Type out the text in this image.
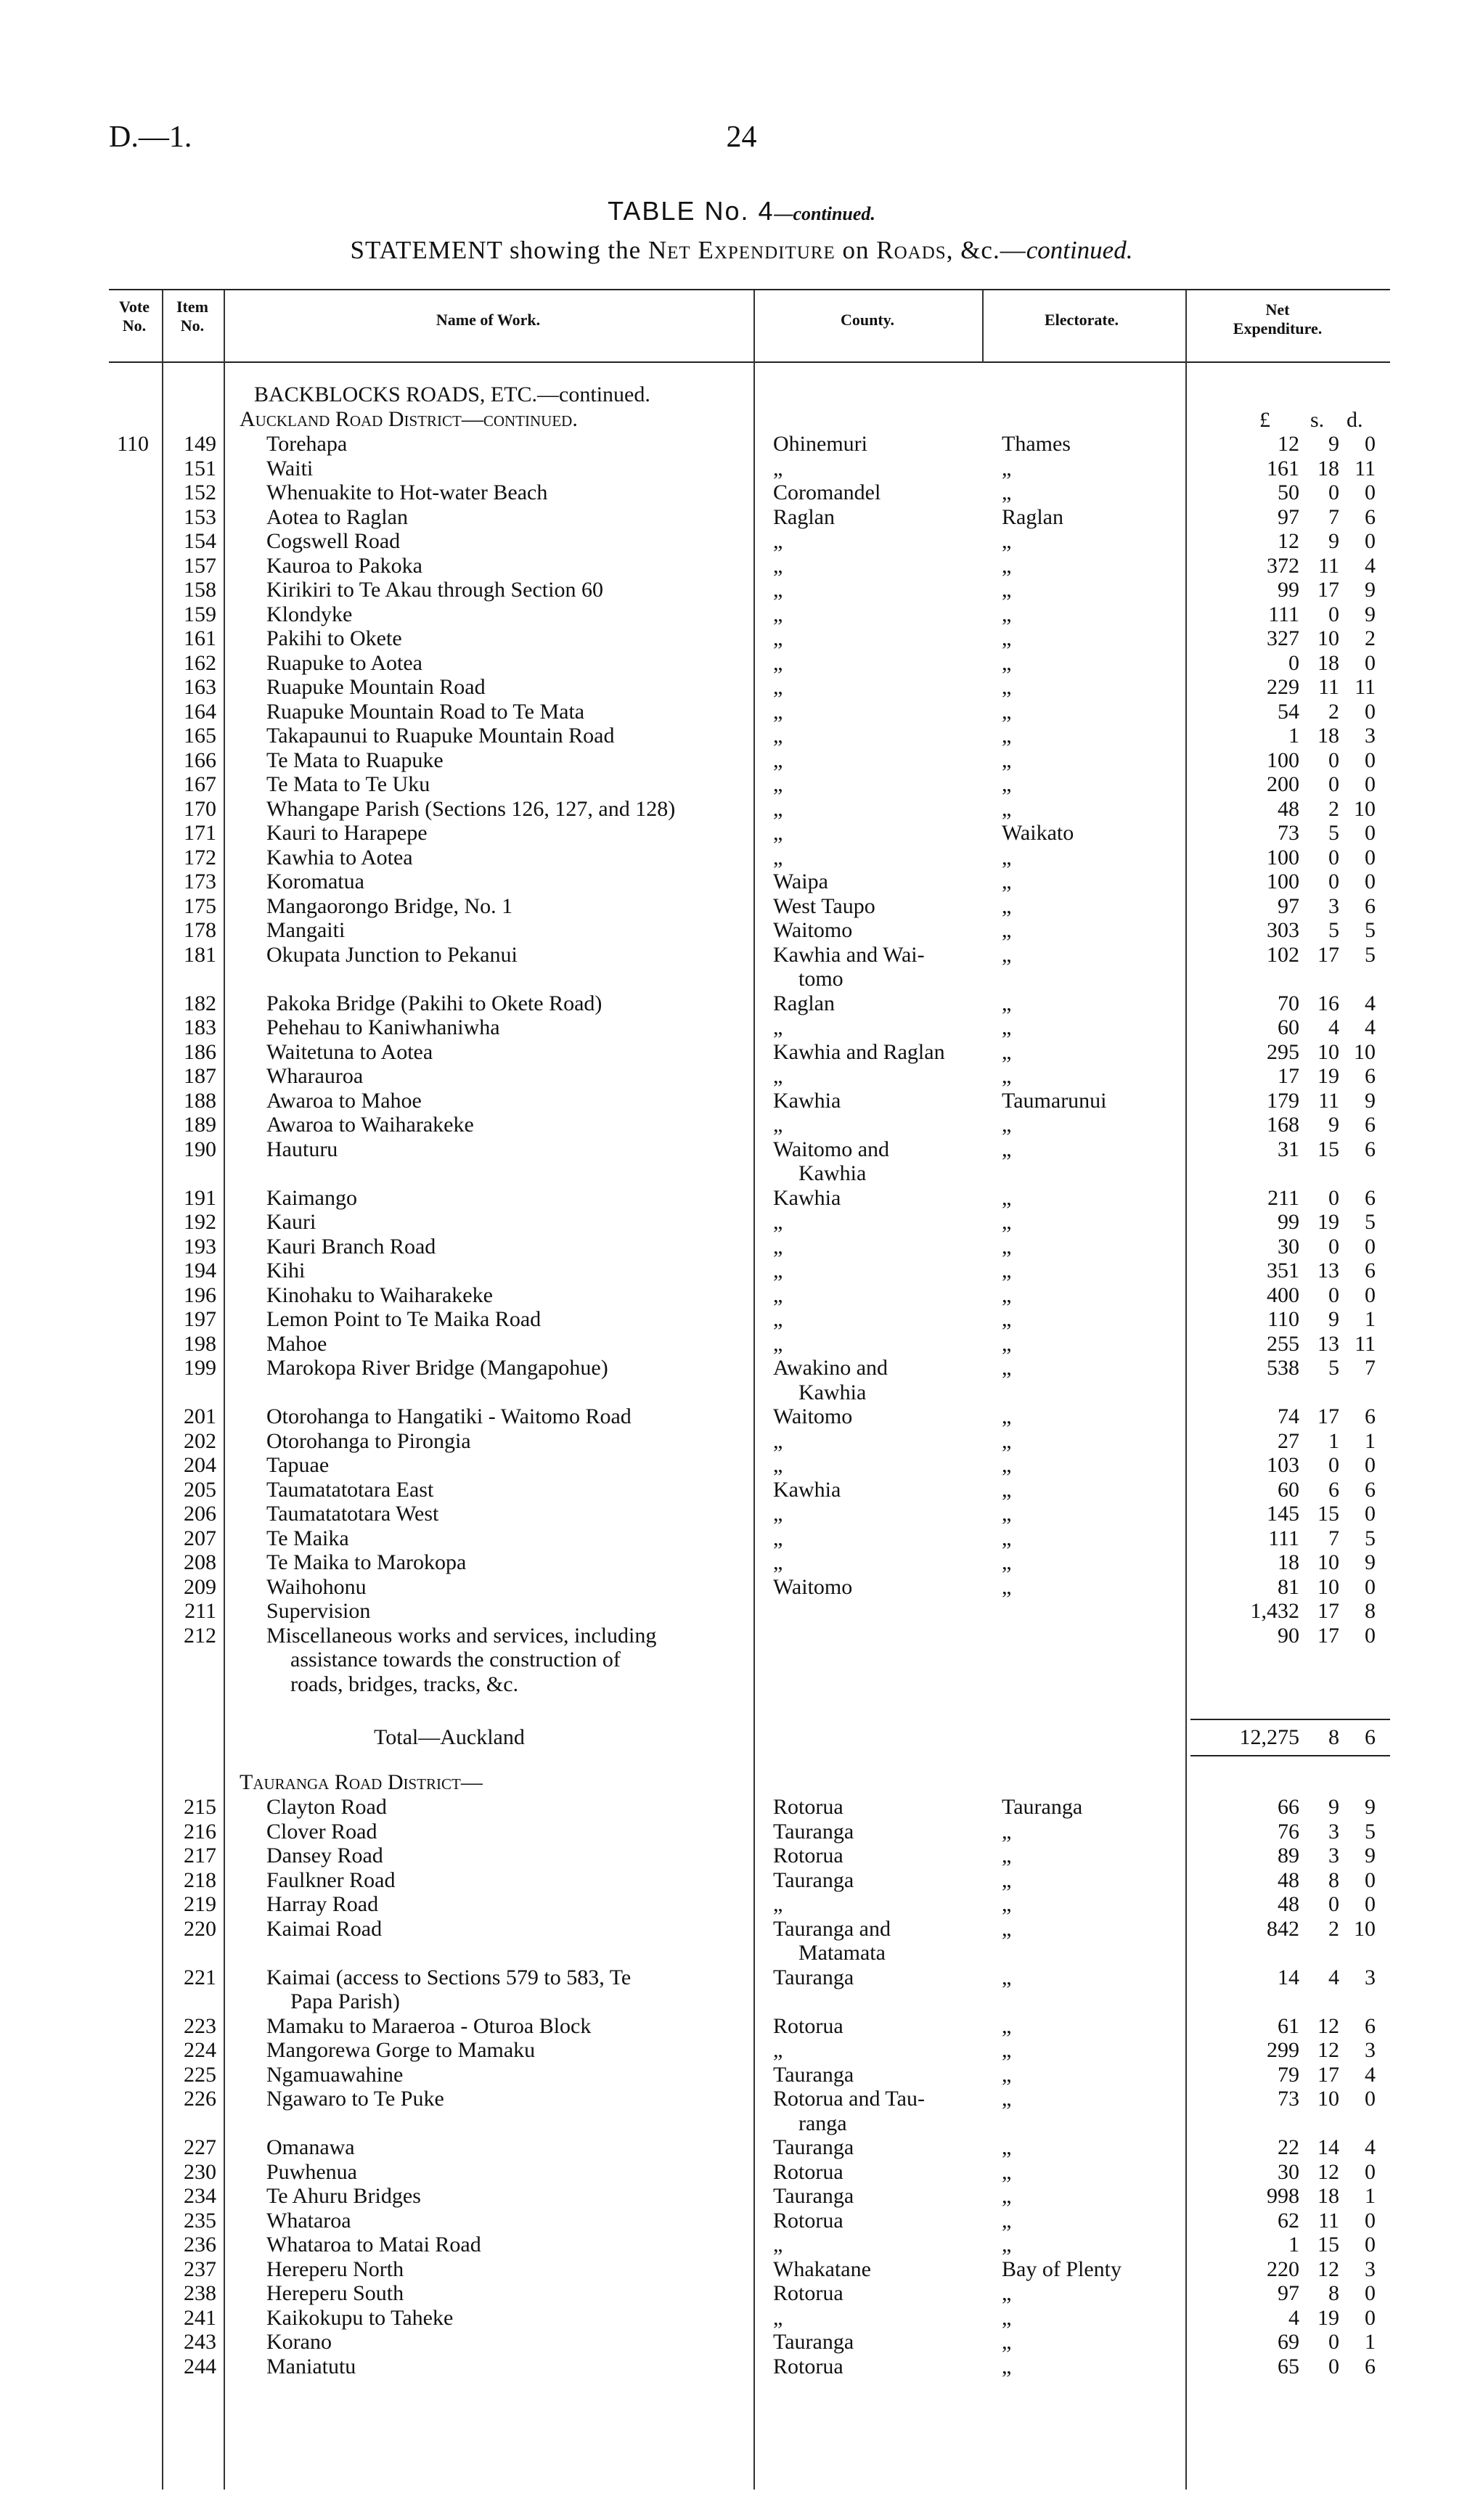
D.—1.	24
TABLE No. 4—continued.
STATEMENT showing the Net Expenditure on Roads, &c.—continued.
Vote No.
Item No.	Name of Work.	County.	Electorate.
Net Expenditure.
£ s. d.
BACKBLOCKS ROADS, ETC.—continued.
Auckland Road District—continued.
110	149 Torehapa	Ohinemuri	Thames	12	9	0
151 Waiti	„	„	161 18 11
152 Whenuakite to Hot-water Beach	Coromandel	„	50	0	0
153 Aotea to Raglan	Raglan	Raglan	97	7	6
154 Cogswell Road	„	„	12	9	0
157 Kauroa to Pakoka	„	„	372 11	4
158 Kirikiri to Te Akau through Section 60	„	„	99 17	9
159 Klondyke	„	„	111	0	9
161 Pakihi to Okete	„	„	327 10	2
162 Ruapuke to Aotea	„	„	0 18	0
163 Ruapuke Mountain Road	„	„	229 11 11
164 Ruapuke Mountain Road to Te Mata	„	„	54	2	0
165 Takapaunui to Ruapuke Mountain Road	„	„	1 18	3
166 Te Mata to Ruapuke	„	„	100	0	0
167 Te Mata to Te Uku	„	„	200	0	0
170 Whangape Parish (Sections 126, 127, and 128)	„	„	48	2 10
171 Kauri to Harapepe	„	Waikato	73	5	0
172 Kawhia to Aotea	„	„	100	0	0
173 Koromatua	Waipa	„	100	0	0
175 Mangaorongo Bridge, No. 1	West Taupo	„	97	3	6
178 Mangaiti	Waitomo	„	303	5	5
181 Okupata Junction to Pekanui	Kawhia and Wai-	„	102 17	5
tomo
182 Pakoka Bridge (Pakihi to Okete Road)	Raglan	„	70 16	4
183 Pehehau to Kaniwhaniwha	„	„	60	4	4
186 Waitetuna to Aotea	Kawhia and Raglan	„	295 10 10
187 Wharauroa	„	„	17 19	6
188 Awaroa to Mahoe	Kawhia	Taumarunui	179 11	9
189 Awaroa to Waiharakeke	„	„	168	9	6
190 Hauturu	Waitomo and	„	31 15	6
Kawhia
191 Kaimango	Kawhia	„	211	0	6
192 Kauri	„	„	99 19	5
193 Kauri Branch Road	„	„	30	0	0
194 Kihi	„	„	351 13	6
196 Kinohaku to Waiharakeke	„	„	400	0	0
197 Lemon Point to Te Maika Road	„	„	110	9	1
198 Mahoe	„	„	255 13 11
199 Marokopa River Bridge (Mangapohue)	Awakino and	„	538	5	7
Kawhia
201 Otorohanga to Hangatiki - Waitomo Road	Waitomo	„	74 17	6
202 Otorohanga to Pirongia	„	„	27	1	1
204 Tapuae	„	„	103	0	0
205 Taumatatotara East	Kawhia	„	60	6	6
206 Taumatatotara West	„	„	145 15	0
207 Te Maika	„	„	111	7	5
208 Te Maika to Marokopa	„	„	18 10	9
209 Waihohonu	Waitomo	„	81 10	0
211 Supervision	1,432 17	8
212 Miscellaneous works and services, including	90 17	0
assistance towards the construction of
roads, bridges, tracks, &c.
Total—Auckland	12,275	8	6
Tauranga Road District—
215 Clayton Road	Rotorua	Tauranga	66	9	9
216 Clover Road	Tauranga	„	76	3	5
217 Dansey Road	Rotorua	„	89	3	9
218 Faulkner Road	Tauranga	„	48	8	0
219 Harray Road	„	„	48	0	0
220 Kaimai Road	Tauranga and	„	842	2 10
Matamata
221 Kaimai (access to Sections 579 to 583, Te	Tauranga	„	14	4	3
Papa Parish)
223 Mamaku to Maraeroa - Oturoa Block	Rotorua	„	61 12	6
224 Mangorewa Gorge to Mamaku	„	„	299 12	3
225 Ngamuawahine	Tauranga	„	79 17	4
226 Ngawaro to Te Puke	Rotorua and Tau-	„	73 10	0
ranga
227 Omanawa	Tauranga	„	22 14	4
230 Puwhenua	Rotorua	„	30 12	0
234 Te Ahuru Bridges	Tauranga	„	998 18	1
235 Whataroa	Rotorua	„	62 11	0
236 Whataroa to Matai Road	„	„	1 15	0
237 Hereperu North	Whakatane	Bay of Plenty	220 12	3
238 Hereperu South	Rotorua	„	97	8	0
241 Kaikokupu to Taheke	„	„	4 19	0
243 Korano	Tauranga	„	69	0	1
244 Maniatutu	Rotorua	„	65	0	6
